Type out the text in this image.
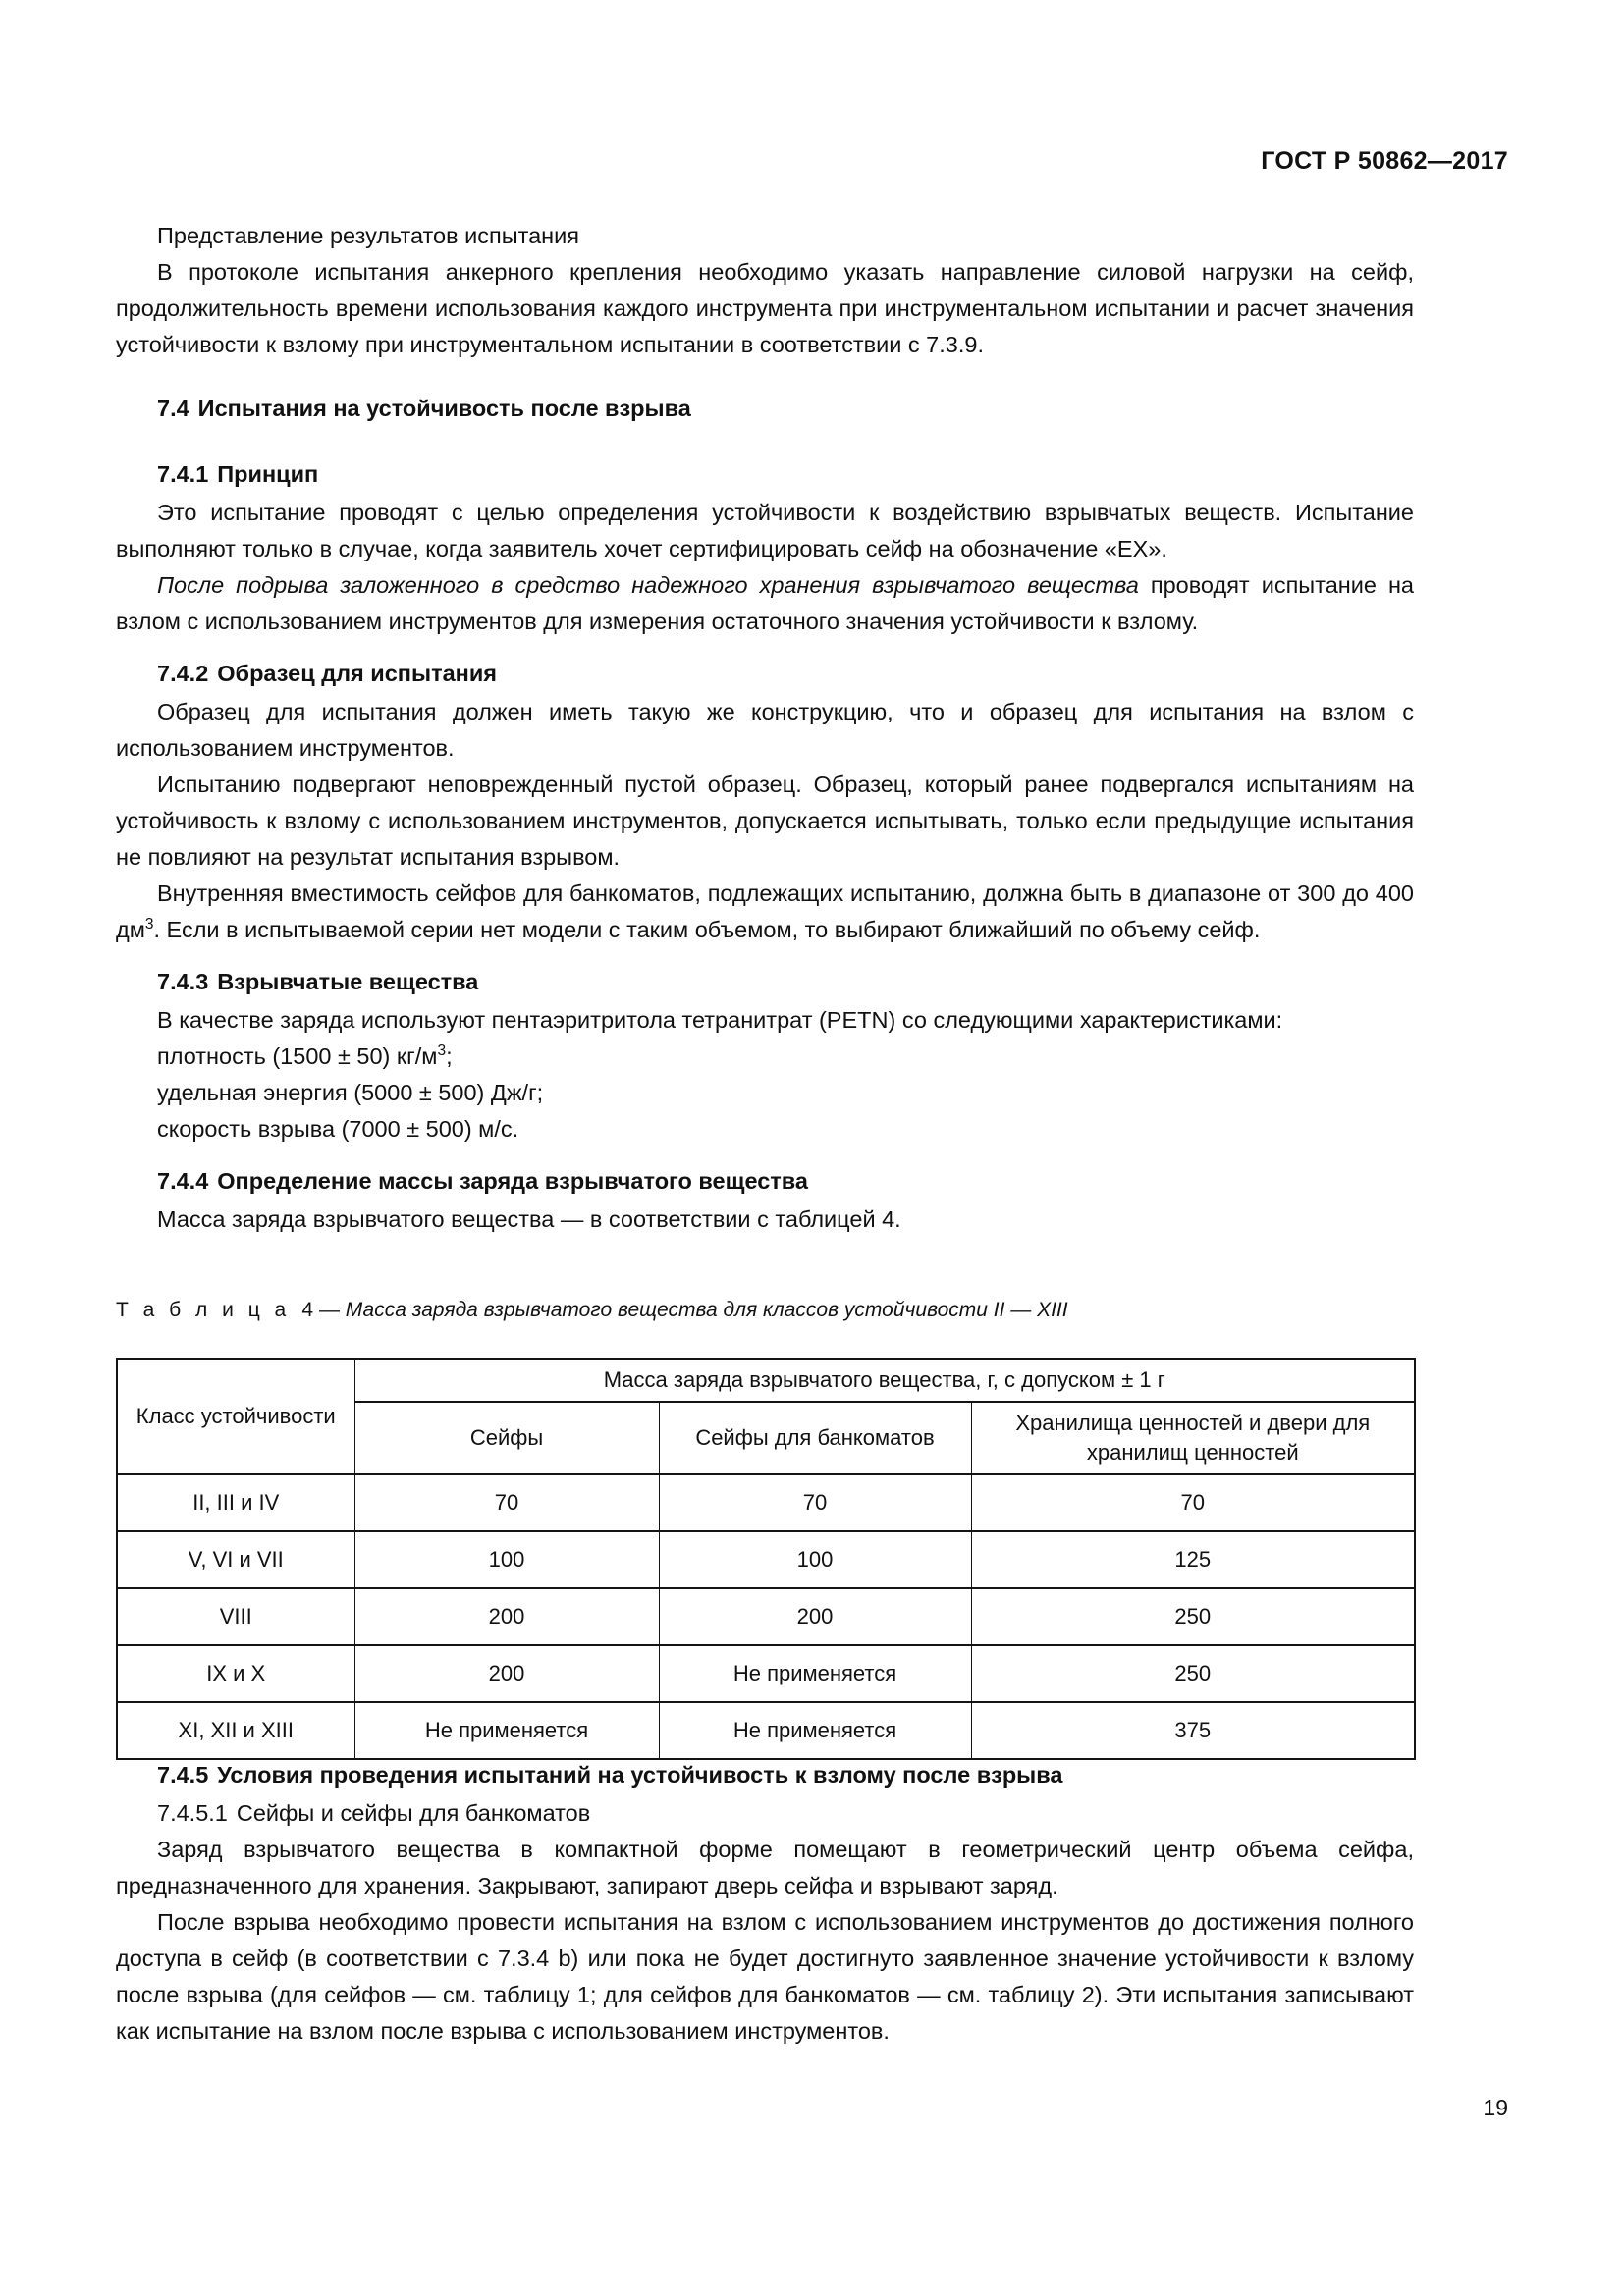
ГОСТ Р 50862—2017

Представление результатов испытания

В протоколе испытания анкерного крепления необходимо указать направление силовой нагрузки на сейф, продолжительность времени использования каждого инструмента при инструментальном испытании и расчет значения устойчивости к взлому при инструментальном испытании в соответствии с 7.3.9.

7.4 Испытания на устойчивость после взрыва

7.4.1 Принцип

Это испытание проводят с целью определения устойчивости к воздействию взрывчатых веществ. Испытание выполняют только в случае, когда заявитель хочет сертифицировать сейф на обозначение «EX».

После подрыва заложенного в средство надежного хранения взрывчатого вещества проводят испытание на взлом с использованием инструментов для измерения остаточного значения устойчивости к взлому.

7.4.2 Образец для испытания

Образец для испытания должен иметь такую же конструкцию, что и образец для испытания на взлом с использованием инструментов.

Испытанию подвергают неповрежденный пустой образец. Образец, который ранее подвергался испытаниям на устойчивость к взлому с использованием инструментов, допускается испытывать, только если предыдущие испытания не повлияют на результат испытания взрывом.

Внутренняя вместимость сейфов для банкоматов, подлежащих испытанию, должна быть в диапазоне от 300 до 400 $дм^3$. Если в испытываемой серии нет модели с таким объемом, то выбирают ближайший по объему сейф.

7.4.3 Взрывчатые вещества

В качестве заряда используют пентаэритритола тетранитрат (PETN) со следующими характеристиками:

плотность (1500 ± 50) $кг/м^3$;

удельная энергия (5000 ± 500) Дж/г;

скорость взрыва (7000 ± 500) м/с.

7.4.4 Определение массы заряда взрывчатого вещества

Масса заряда взрывчатого вещества — в соответствии с таблицей 4.

Т а б л и ц а 4 — Масса заряда взрывчатого вещества для классов устойчивости II — XIII

Класс устойчивости	Масса заряда взрывчатого вещества, г, с допуском ± 1 г		
	Сейфы	Сейфы для банкоматов	Хранилища ценностей и двери для хранилищ ценностей
II, III и IV	70	70	70
V, VI и VII	100	100	125
VIII	200	200	250
IX и X	200	Не применяется	250
XI, XII и XIII	Не применяется	Не применяется	375

7.4.5 Условия проведения испытаний на устойчивость к взлому после взрыва

7.4.5.1 Сейфы и сейфы для банкоматов

Заряд взрывчатого вещества в компактной форме помещают в геометрический центр объема сейфа, предназначенного для хранения. Закрывают, запирают дверь сейфа и взрывают заряд.

После взрыва необходимо провести испытания на взлом с использованием инструментов до достижения полного доступа в сейф (в соответствии с 7.3.4 b) или пока не будет достигнуто заявленное значение устойчивости к взлому после взрыва (для сейфов — см. таблицу 1; для сейфов для банкоматов — см. таблицу 2). Эти испытания записывают как испытание на взлом после взрыва с использованием инструментов.

19
